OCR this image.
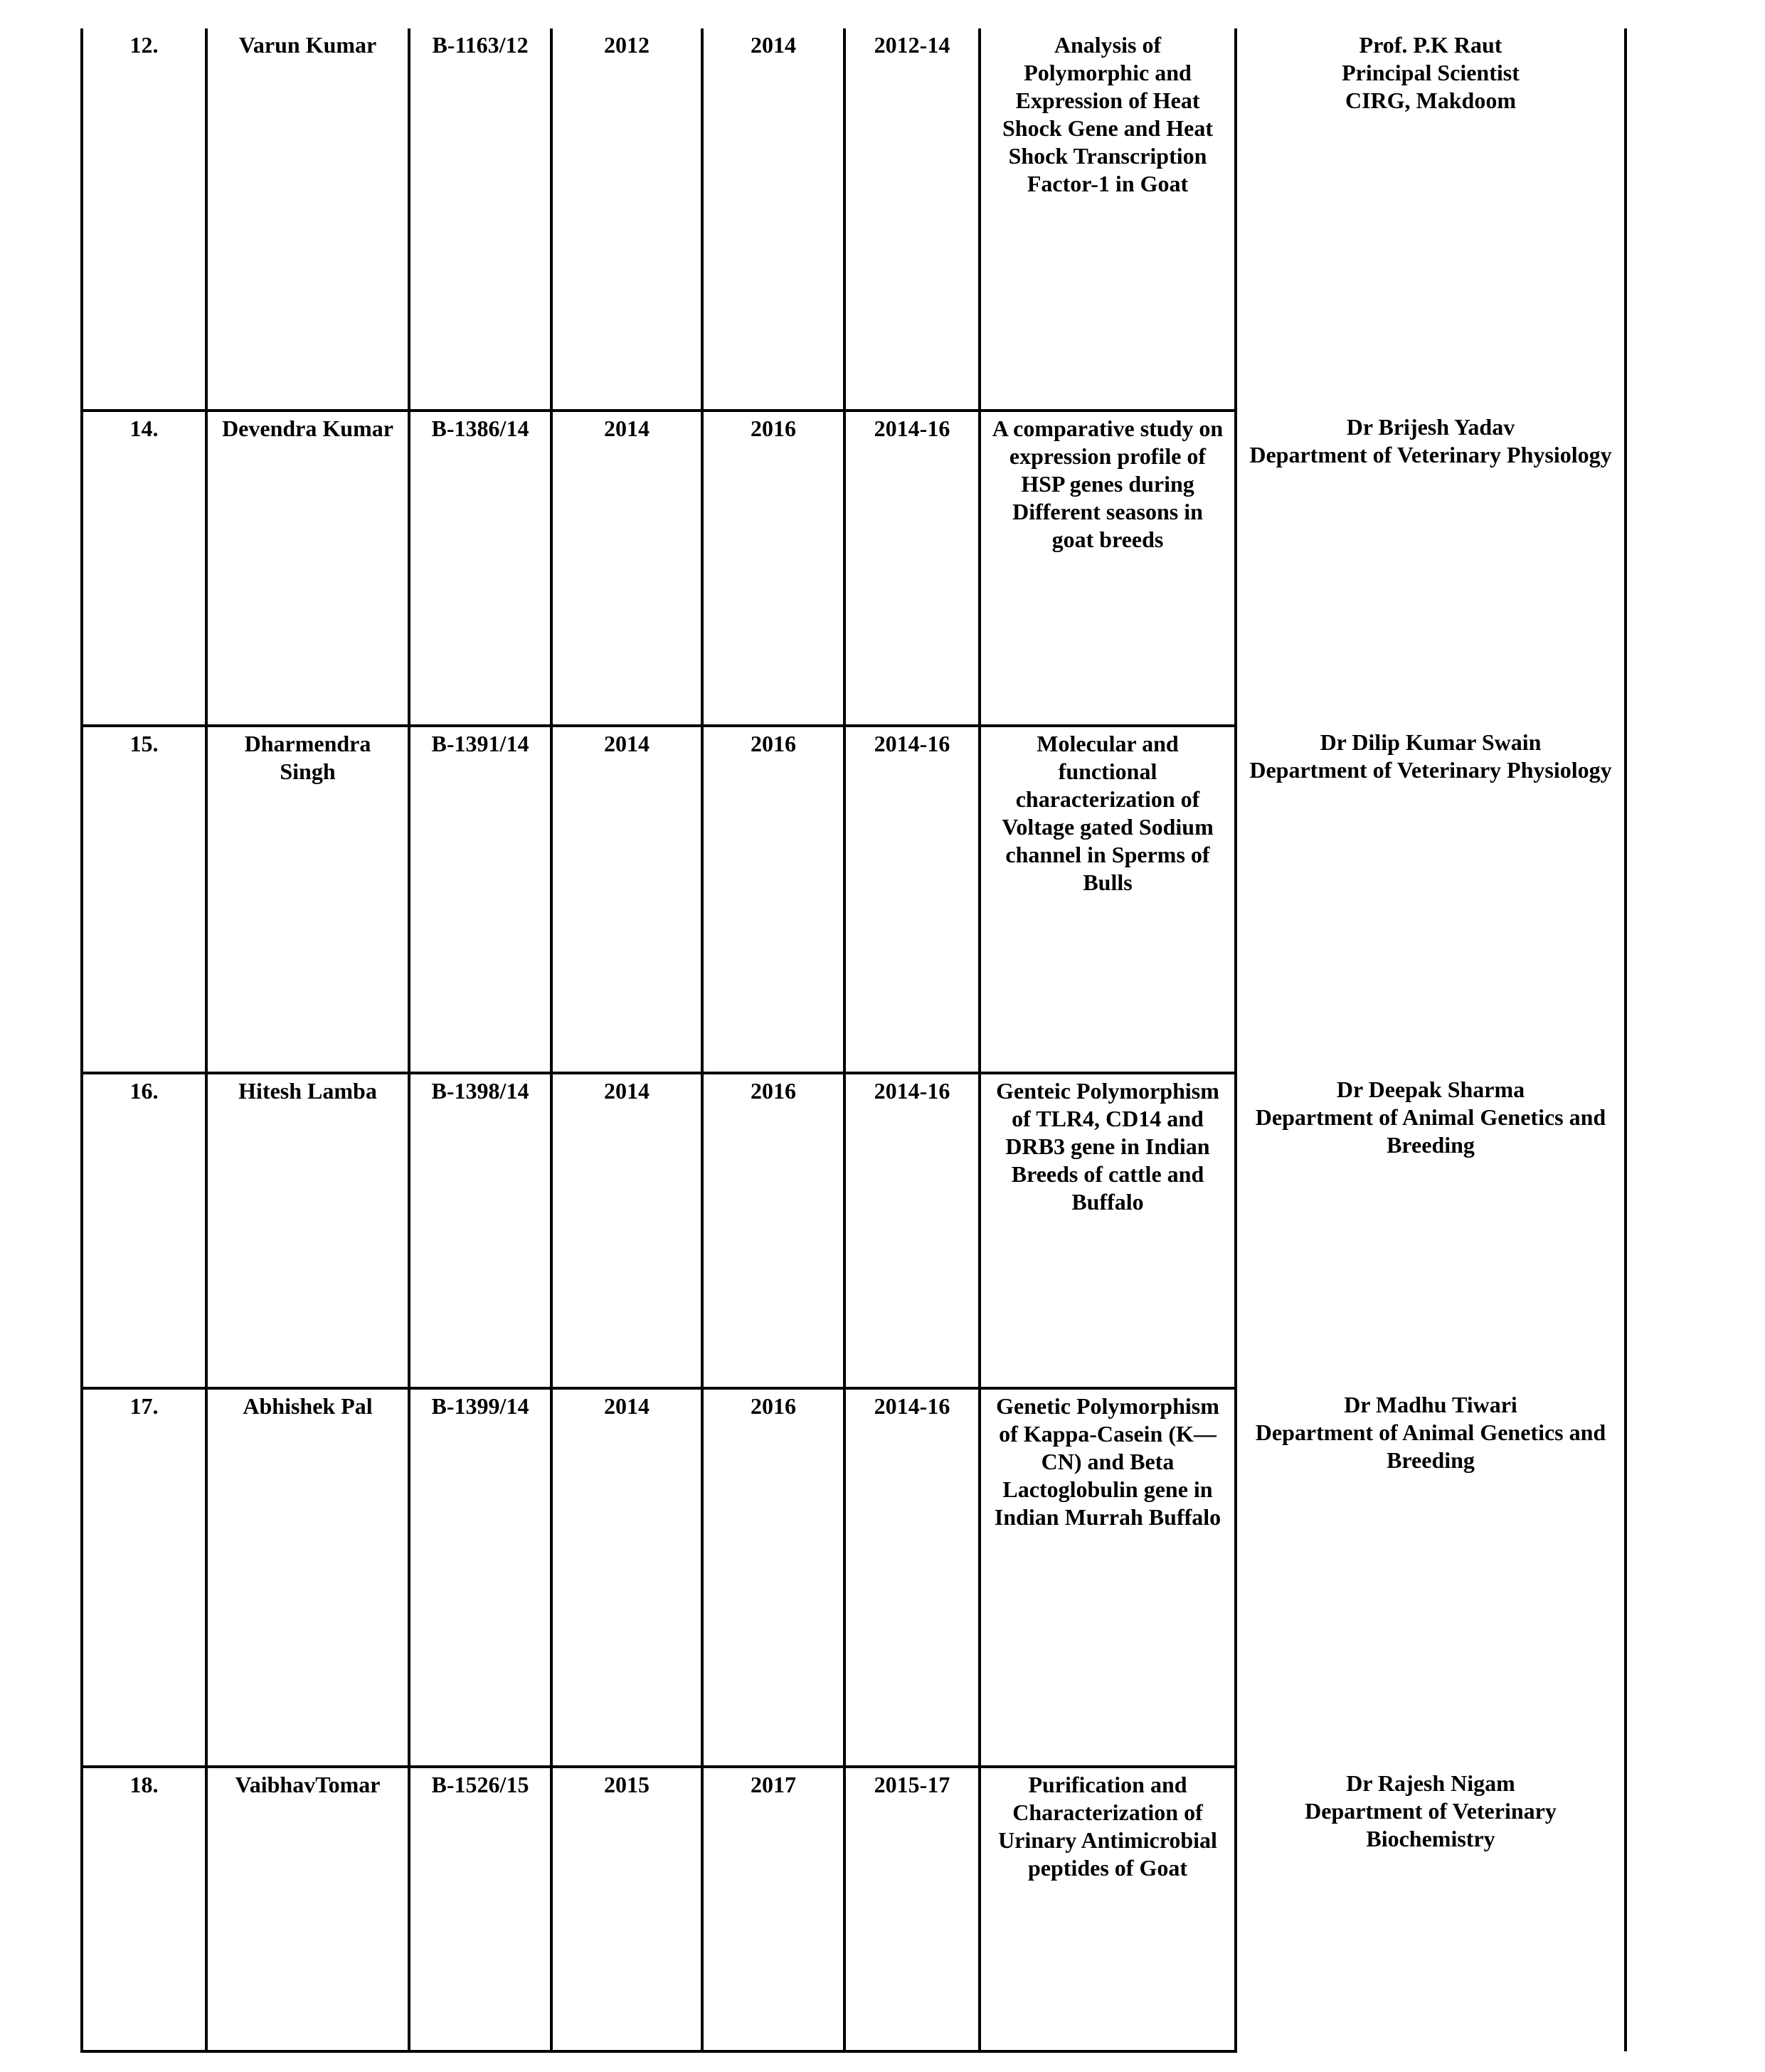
12.	Varun Kumar	B-1163/12	2012	2014	2012-14	Analysis of Polymorphic and Expression of Heat Shock Gene and Heat Shock Transcription Factor-1 in Goat	Prof. P.K Raut
Principal Scientist
CIRG, Makdoom

14.	Devendra Kumar	B-1386/14	2014	2016	2014-16	A comparative study on expression profile of HSP genes during Different seasons in goat breeds	Dr Brijesh Yadav
Department of Veterinary Physiology

15.	Dharmendra Singh	B-1391/14	2014	2016	2014-16	Molecular and functional characterization of Voltage gated Sodium channel in Sperms of Bulls	Dr Dilip Kumar Swain
Department of Veterinary Physiology

16.	Hitesh Lamba	B-1398/14	2014	2016	2014-16	Genteic Polymorphism of TLR4, CD14 and DRB3 gene in Indian Breeds of cattle and Buffalo	Dr Deepak Sharma
Department of Animal Genetics and Breeding

17.	Abhishek Pal	B-1399/14	2014	2016	2014-16	Genetic Polymorphism of Kappa-Casein (K—CN) and Beta Lactoglobulin gene in Indian Murrah Buffalo	Dr Madhu Tiwari
Department of Animal Genetics and Breeding

18.	VaibhavTomar	B-1526/15	2015	2017	2015-17	Purification and Characterization of Urinary Antimicrobial peptides of Goat	Dr Rajesh Nigam
Department of Veterinary Biochemistry
